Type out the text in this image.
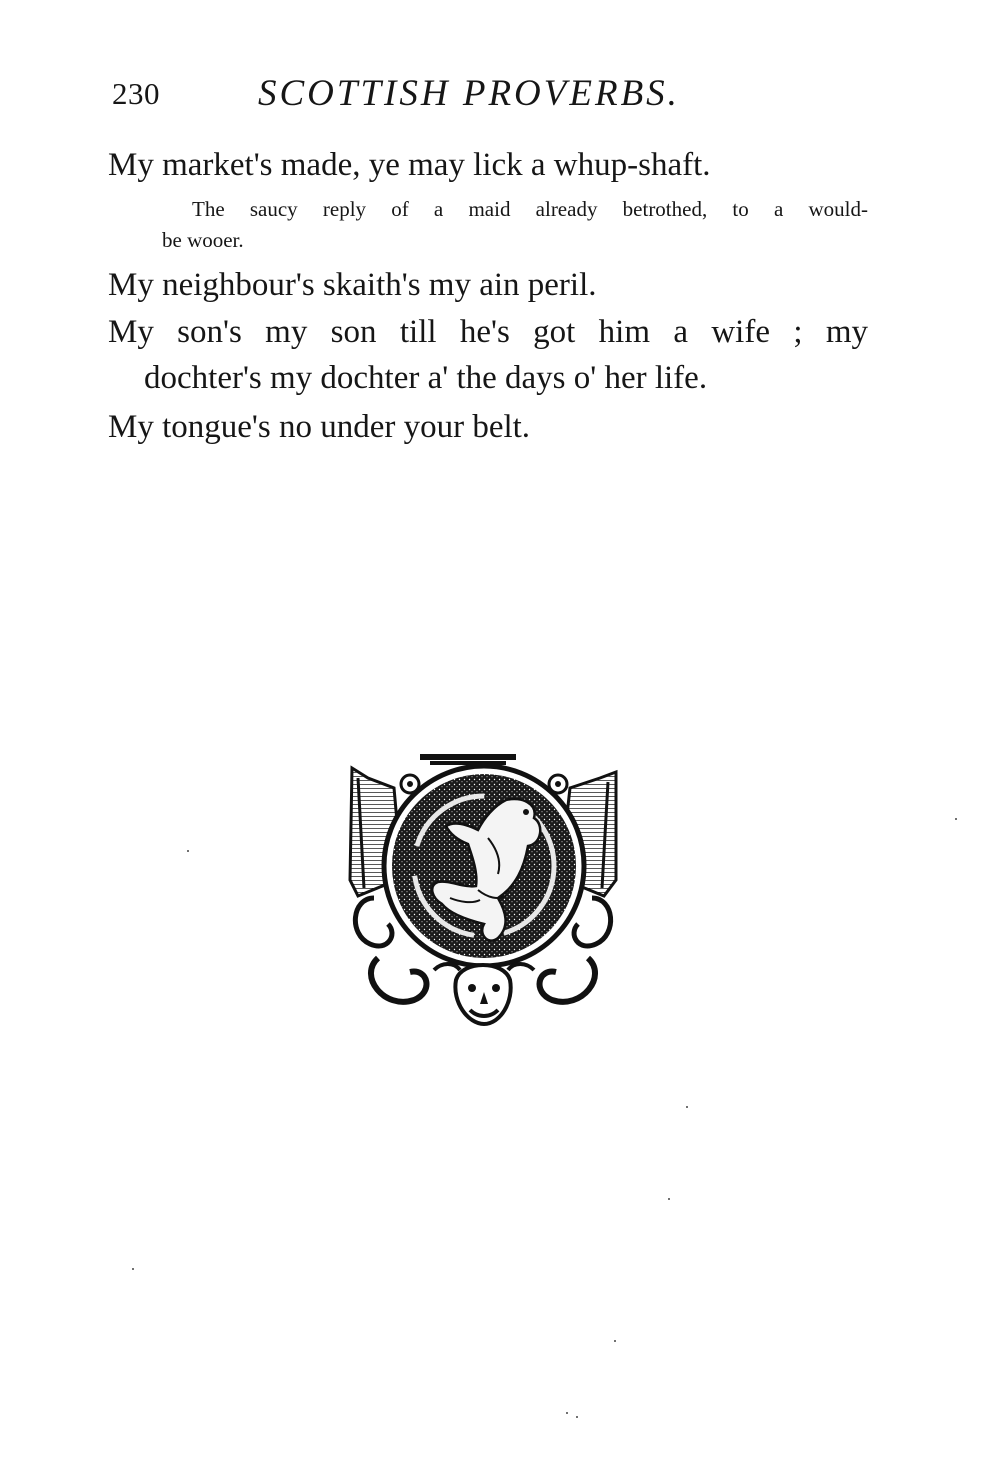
230	SCOTTISH PROVERBS.
My market's made, ye may lick a whup-shaft.
The saucy reply of a maid already betrothed, to a would-
be wooer.
My neighbour's skaith's my ain peril.
My son's my son till he's got him a wife ; my
dochter's my dochter a' the days o' her life.
My tongue's no under your belt.
